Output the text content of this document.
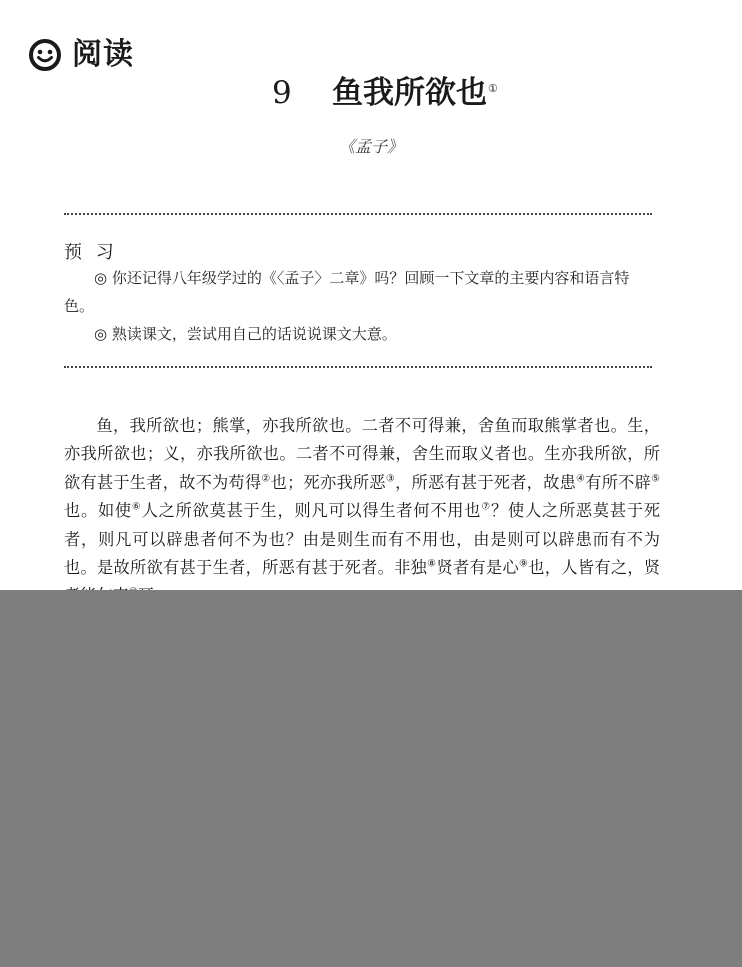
阅读
9 鱼我所欲也①
《孟子》
预 习

◎ 你还记得八年级学过的《〈孟子〉二章》吗？回顾一下文章的主要内容和语言特色。

◎ 熟读课文，尝试用自己的话说说课文大意。

鱼，我所欲也；熊掌，亦我所欲也。二者不可得兼，舍鱼而取熊掌者也。生，亦我所欲也；义，亦我所欲也。二者不可得兼，舍生而取义者也。生亦我所欲，所欲有甚于生者，故不为苟得②也；死亦我所恶③，所恶有甚于死者，故患④有所不辟⑤也。如使⑥人之所欲莫甚于生，则凡可以得生者何不用也⑦？使人之所恶莫甚于死者，则凡可以辟患者何不为也？由是则生而有不用也，由是则可以辟患而有不为也。是故所欲有甚于生者，所恶有甚于死者。非独⑧贤者有是心⑨也，人皆有之，贤
